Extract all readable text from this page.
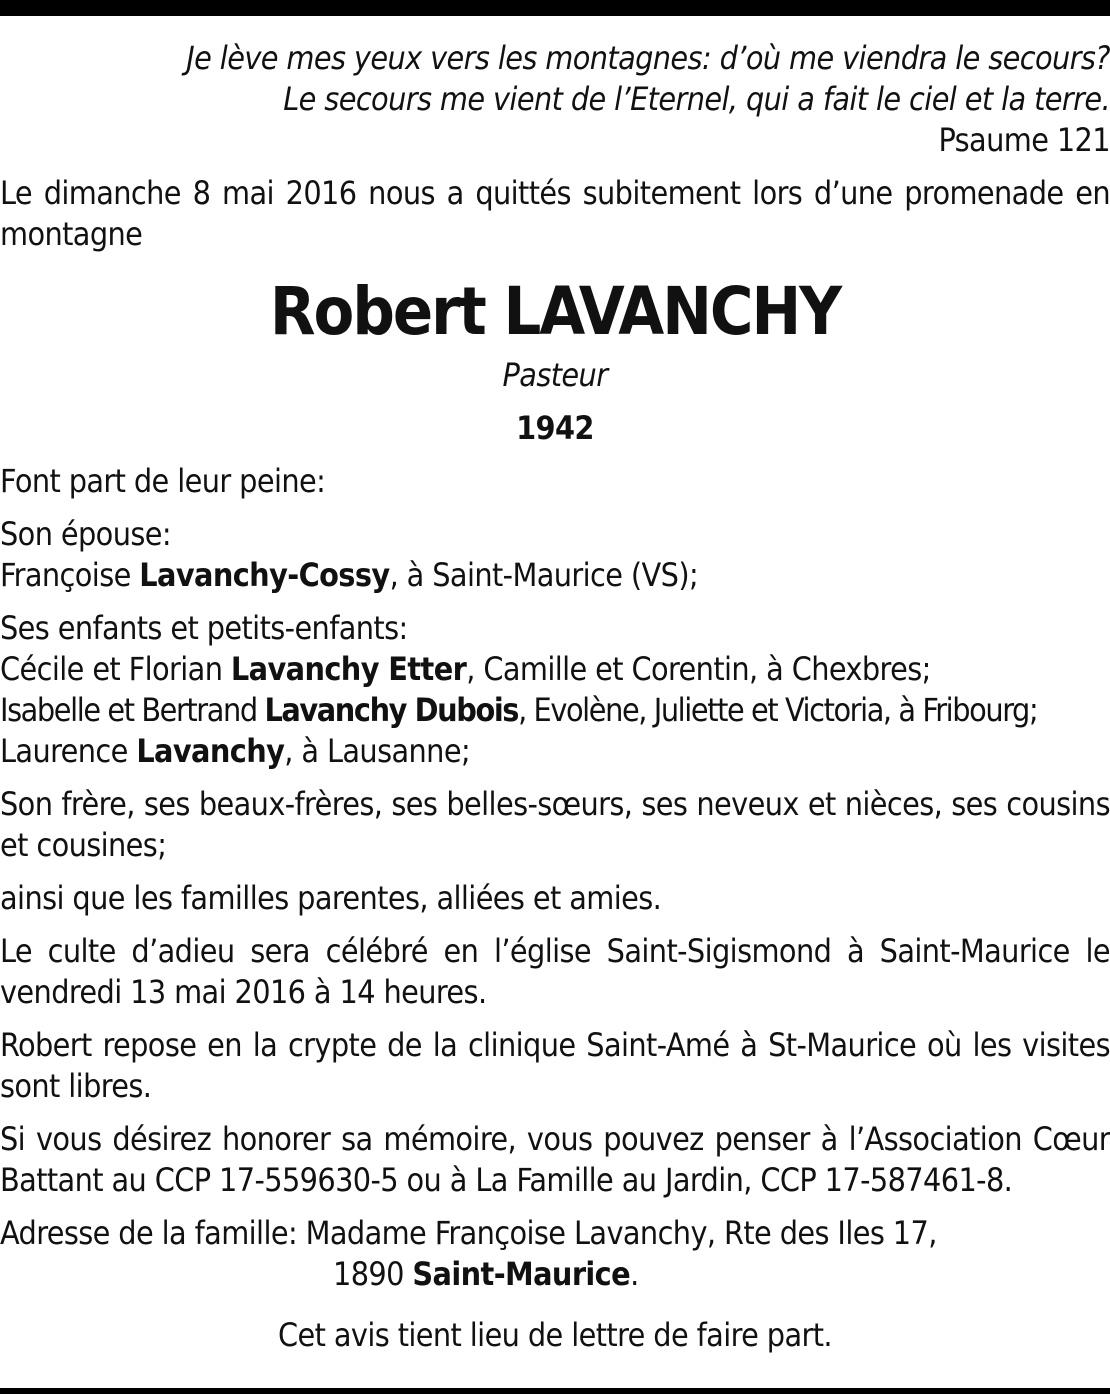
Je lève mes yeux vers les montagnes: d’où me viendra le secours?

Le secours me vient de l’Eternel, qui a fait le ciel et la terre.

Psaume 121

Le dimanche 8 mai 2016 nous a quittés subitement lors d’une promenade en montagne

Robert LAVANCHY
Pasteur
1942

Font part de leur peine:

Son épouse:

Françoise Lavanchy-Cossy, à Saint-Maurice (VS);

Ses enfants et petits-enfants:

Cécile et Florian Lavanchy Etter, Camille et Corentin, à Chexbres;

Isabelle et Bertrand Lavanchy Dubois, Evolène, Juliette et Victoria, à Fribourg;

Laurence Lavanchy, à Lausanne;

Son frère, ses beaux-frères, ses belles-sœurs, ses neveux et nièces, ses cousins et cousines;

ainsi que les familles parentes, alliées et amies.

Le culte d’adieu sera célébré en l’église Saint-Sigismond à Saint-Maurice le vendredi 13 mai 2016 à 14 heures.

Robert repose en la crypte de la clinique Saint-Amé à St-Maurice où les visites sont libres.

Si vous désirez honorer sa mémoire, vous pouvez penser à l’Association Cœur Battant au CCP 17-559630-5 ou à La Famille au Jardin, CCP 17-587461-8.

Adresse de la famille: Madame Françoise Lavanchy, Rte des Iles 17,

1890 Saint-Maurice.

Cet avis tient lieu de lettre de faire part.
